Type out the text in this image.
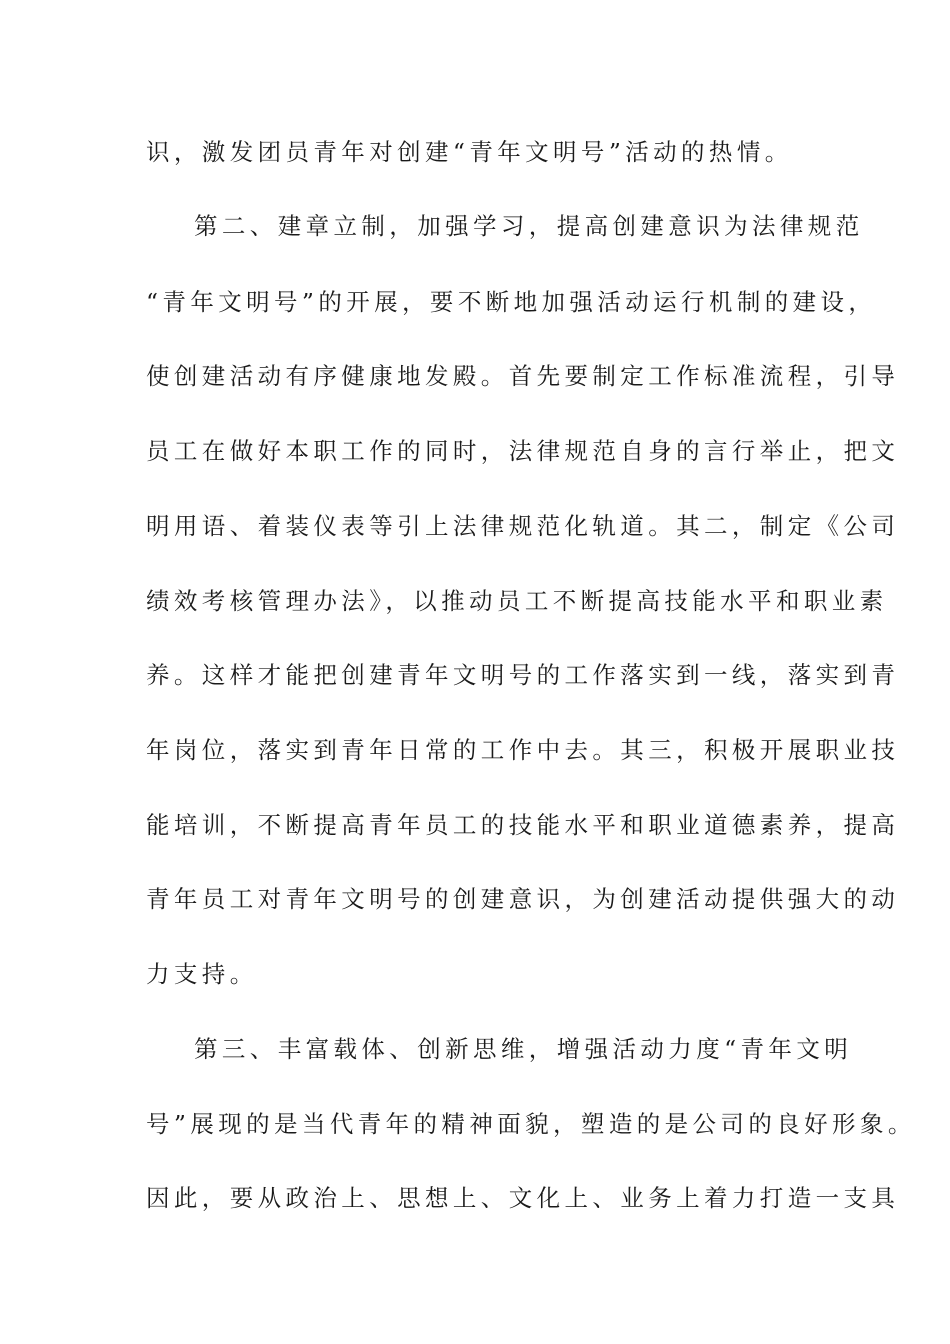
识，激发团员青年对创建“青年文明号”活动的热情。
第二、建章立制，加强学习，提高创建意识为法律规范
“青年文明号”的开展，要不断地加强活动运行机制的建设，
使创建活动有序健康地发殿。首先要制定工作标准流程，引导
员工在做好本职工作的同时，法律规范自身的言行举止，把文
明用语、着装仪表等引上法律规范化轨道。其二，制定《公司
绩效考核管理办法》，以推动员工不断提高技能水平和职业素
养。这样才能把创建青年文明号的工作落实到一线，落实到青
年岗位，落实到青年日常的工作中去。其三，积极开展职业技
能培训，不断提高青年员工的技能水平和职业道德素养，提高
青年员工对青年文明号的创建意识，为创建活动提供强大的动
力支持。
第三、丰富载体、创新思维，增强活动力度“青年文明
号”展现的是当代青年的精神面貌，塑造的是公司的良好形象。
因此，要从政治上、思想上、文化上、业务上着力打造一支具
